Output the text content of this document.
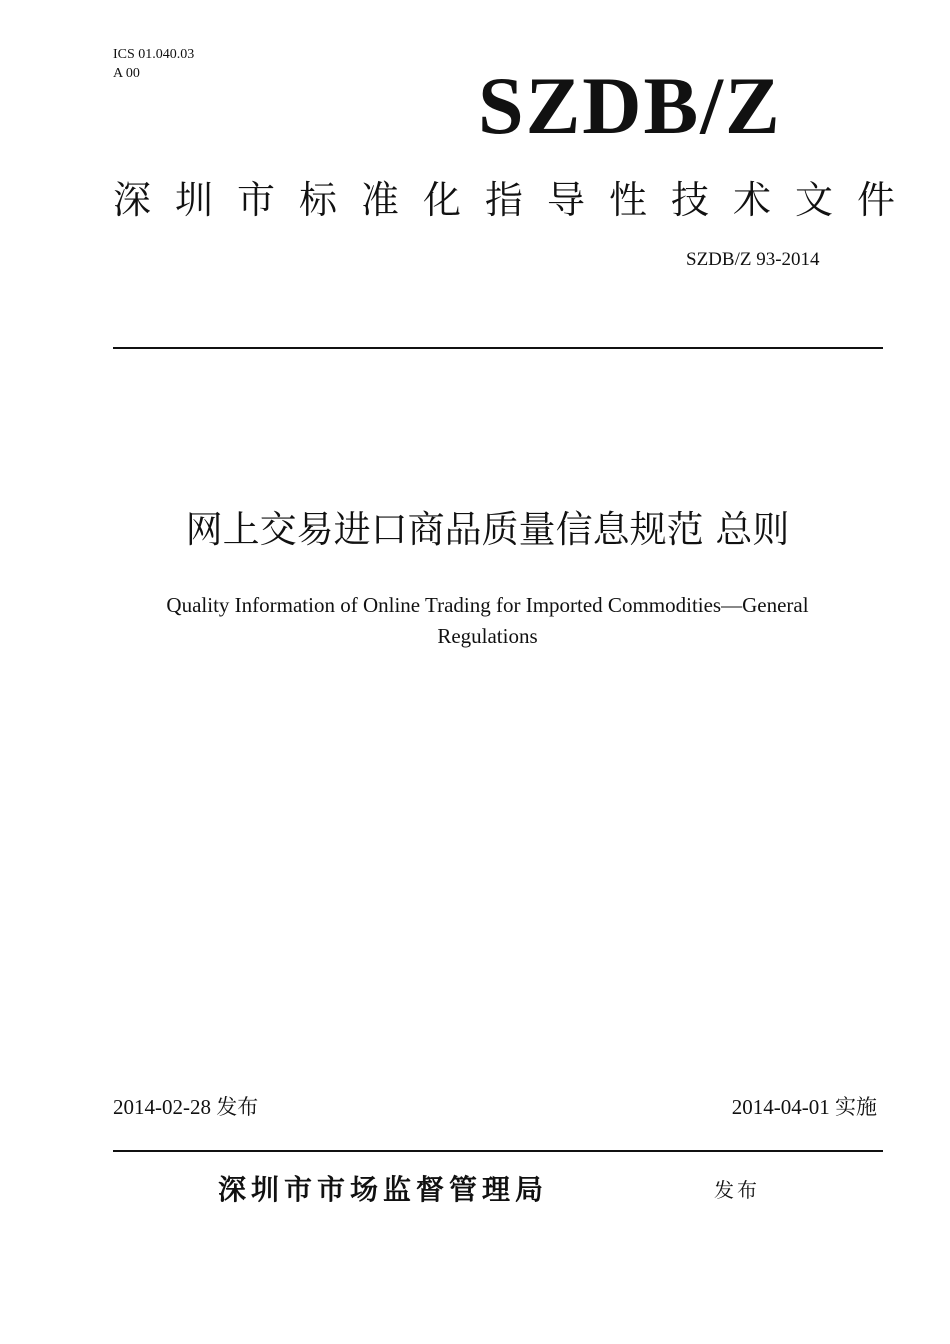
ICS 01.040.03
A 00	SZDB/Z
深圳市标准化指导性技术文件
SZDB/Z 93-2014
网上交易进口商品质量信息规范 总则
Quality Information of Online Trading for Imported Commodities—General
Regulations
2014-02-28 发布	2014-04-01 实施
深圳市市场监督管理局	发布
